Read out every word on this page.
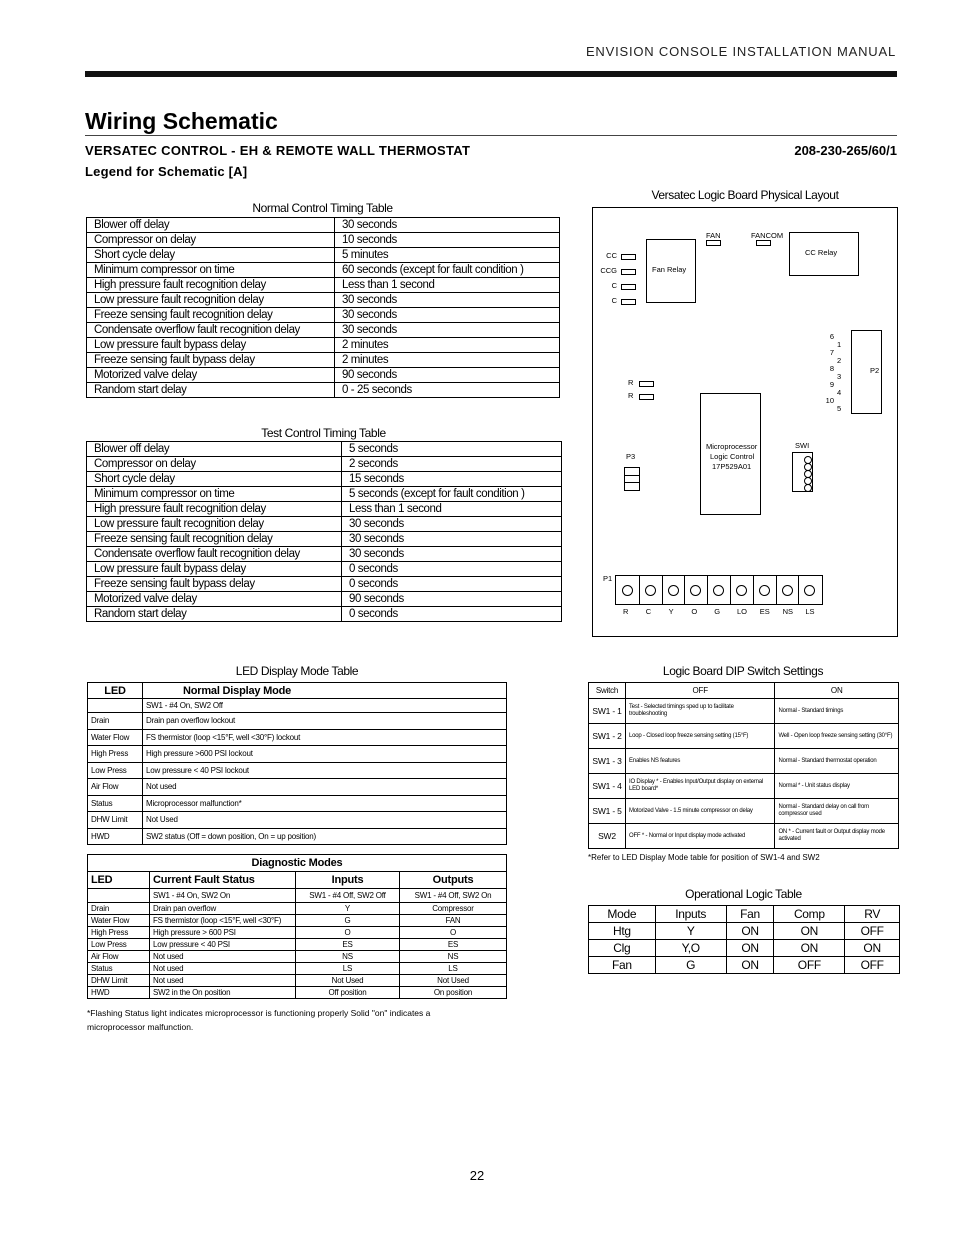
ENVISION CONSOLE INSTALLATION MANUAL
Wiring Schematic
VERSATEC CONTROL - EH & REMOTE WALL THERMOSTAT	208-230-265/60/1
Legend for Schematic [A]
Normal Control Timing Table
Blower off delay	30 seconds
Compressor on delay	10 seconds
Short cycle delay	5 minutes
Minimum compressor on time	60 seconds (except for fault condition )
High pressure fault recognition delay	Less than 1 second
Low pressure fault recognition delay	30 seconds
Freeze sensing fault recognition delay	30 seconds
Condensate overflow fault recognition delay	30 seconds
Low pressure fault bypass delay	2 minutes
Freeze sensing fault bypass delay	2 minutes
Motorized valve delay	90 seconds
Random start delay	0 - 25 seconds
Test Control Timing Table
Blower off delay	5 seconds
Compressor on delay	2 seconds
Short cycle delay	15 seconds
Minimum compressor on time	5 seconds (except for fault condition )
High pressure fault recognition delay	Less than 1 second
Low pressure fault recognition delay	30 seconds
Freeze sensing fault recognition delay	30 seconds
Condensate overflow fault recognition delay	30 seconds
Low pressure fault bypass delay	0 seconds
Freeze sensing fault bypass delay	0 seconds
Motorized valve delay	90 seconds
Random start delay	0 seconds
Versatec Logic Board Physical Layout
CC
CCG
C
C
Fan Relay
FAN	FANCOM
CC Relay
R
R
P2
6
7
8
9
10
1
2
3
4
5
P3
Microprocessor
Logic Control
17P529A01
SWI
P1
R C Y O G LO ES NS LS
LED Display Mode Table
LED	Normal Display Mode
	SW1 - #4 On, SW2 Off
Drain	Drain pan overflow lockout
Water Flow	FS thermistor (loop <15°F, well <30°F) lockout
High Press	High pressure >600 PSI lockout
Low Press	Low pressure < 40 PSI lockout
Air Flow	Not used
Status	Microprocessor malfunction*
DHW Limit	Not Used
HWD	SW2 status (Off = down position, On = up position)
Diagnostic Modes			
LED	Current Fault Status	Inputs	Outputs
	SW1 - #4 On, SW2 On	SW1 - #4 Off, SW2 Off	SW1 - #4 Off, SW2 On
Drain	Drain pan overflow	Y	Compressor
Water Flow	FS thermistor (loop <15°F, well <30°F)	G	FAN
High Press	High pressure > 600 PSI	O	O
Low Press	Low pressure < 40 PSI	ES	ES
Air Flow	Not used	NS	NS
Status	Not used	LS	LS
DHW Limit	Not used	Not Used	Not Used
HWD	SW2 in the On position	Off position	On position
*Flashing Status light indicates microprocessor is functioning properly Solid "on" indicates a
microprocessor malfunction.
Logic Board DIP Switch Settings
Switch	OFF	ON
SW1 - 1	Test - Selected timings sped up to facilitate troubleshooting	Normal - Standard timings
SW1 - 2	Loop - Closed loop freeze sensing setting (15°F)	Well - Open loop freeze sensing setting (30°F)
SW1 - 3	Enables NS features	Normal - Standard thermostat operation
SW1 - 4	IO Display * - Enables Input/Output display on external LED board*	Normal * - Unit status display
SW1 - 5	Motorized Valve - 1.5 minute compressor on delay	Normal - Standard delay on call from compressor used
SW2	OFF * - Normal or Input display mode activated	ON * - Current fault or Output display mode activated
*Refer to LED Display Mode table for position of SW1-4 and SW2
Operational Logic Table
Mode	Inputs	Fan	Comp	RV
Htg	Y	ON	ON	OFF
Clg	Y,O	ON	ON	ON
Fan	G	ON	OFF	OFF
22
